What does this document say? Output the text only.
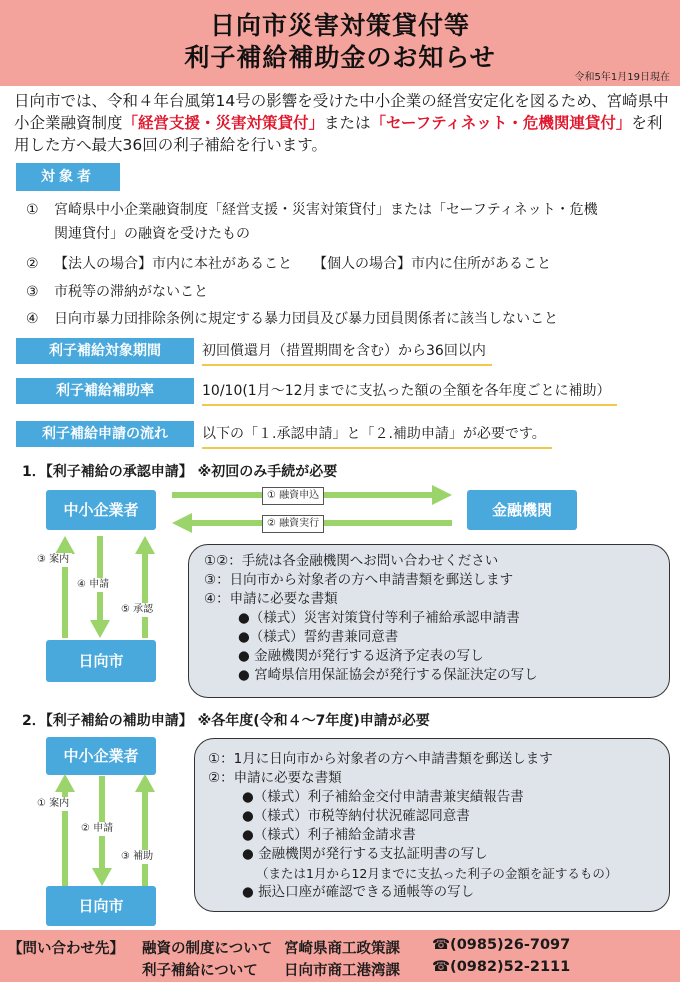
日向市災害対策貸付等
利子補給補助金のお知らせ
令和5年1月19日現在
日向市では、令和４年台風第14号の影響を受けた中小企業の経営安定化を図るため、宮崎県中小企業融資制度「経営支援・災害対策貸付」または「セーフティネット・危機関連貸付」を利用した方へ最大36回の利子補給を行います。
対象者
① 宮崎県中小企業融資制度「経営支援・災害対策貸付」または「セーフティネット・危機
関連貸付」の融資を受けたもの
② 【法人の場合】市内に本社があること　　【個人の場合】市内に住所があること
③ 市税等の滞納がないこと
④ 日向市暴力団排除条例に規定する暴力団員及び暴力団員関係者に該当しないこと
利子補給対象期間	初回償還月（措置期間を含む）から36回以内
利子補給補助率	10/10(1月～12月までに支払った額の全額を各年度ごとに補助）
利子補給申請の流れ	以下の「１.承認申請」と「２.補助申請」が必要です。
1．【利子補給の承認申請】 ※初回のみ手続が必要
中小企業者	金融機関
日向市
① 融資申込
② 融資実行
③ 案内
④ 申請
⑤ 承認
①②：手続は各金融機関へお問い合わせください
③：日向市から対象者の方へ申請書類を郵送します
④：申請に必要な書類
●（様式）災害対策貸付等利子補給承認申請書
●（様式）誓約書兼同意書
● 金融機関が発行する返済予定表の写し
● 宮崎県信用保証協会が発行する保証決定の写し
2．【利子補給の補助申請】 ※各年度(令和４～7年度)申請が必要
中小企業者
日向市
① 案内
② 申請
③ 補助
①：1月に日向市から対象者の方へ申請書類を郵送します
②：申請に必要な書類
●（様式）利子補給金交付申請書兼実績報告書
●（様式）市税等納付状況確認同意書
●（様式）利子補給金請求書
● 金融機関が発行する支払証明書の写し
（または1月から12月までに支払った利子の金額を証するもの）
● 振込口座が確認できる通帳等の写し
【問い合わせ先】 融資の制度について 宮崎県商工政策課 ☎(0985)26-7097
利子補給について 日向市商工港湾課 ☎(0982)52-2111
